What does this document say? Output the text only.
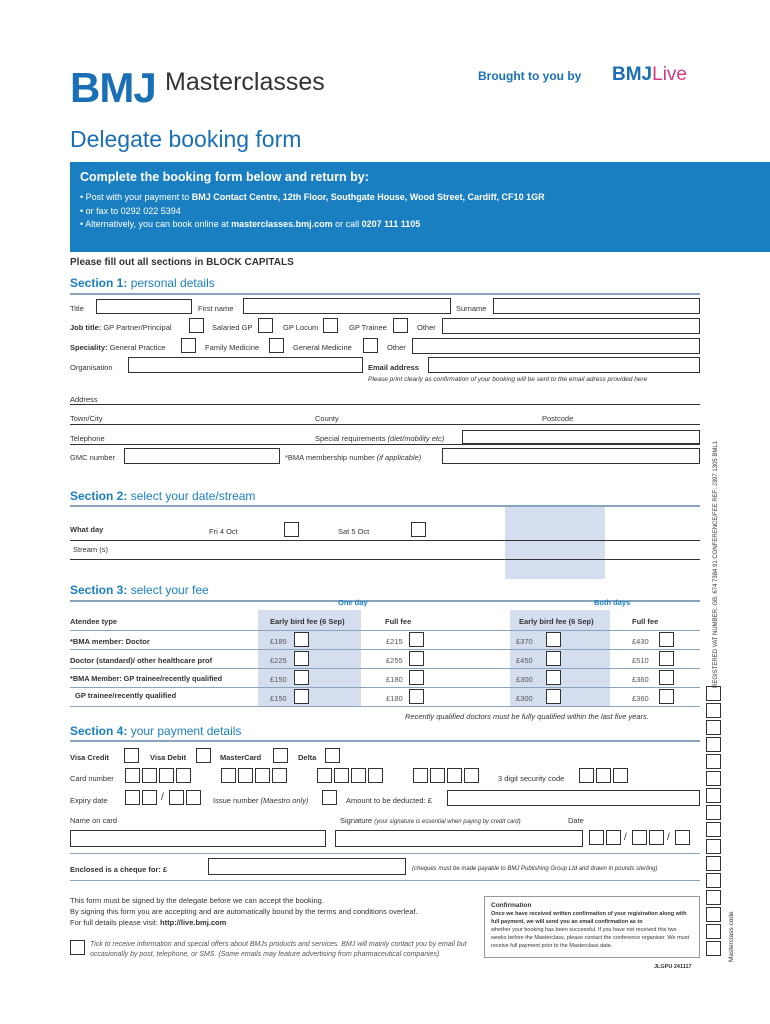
BMJ Masterclasses	Brought to you by BMJLive
Delegate booking form
Complete the booking form below and return by:
• Post with your payment to BMJ Contact Centre, 12th Floor, Southgate House, Wood Street, Cardiff, CF10 1GR
• or fax to 0292 022 5394
• Alternatively, you can book online at masterclasses.bmj.com or call 0207 111 1105
Please fill out all sections in BLOCK CAPITALS
Section 1: personal details
Title	First name	Surname
Job title: GP Partner/Principal	Salaried GP	GP Locum	GP Trainee	Other
Speciality: General Practice	Family Medicine	General Medicine	Other
Organisation	Email address
Please print clearly as confirmation of your booking will be sent to the email adress provided here
Address
Town/City	County	Postcode
Telephone	Special requirements (diet/mobility etc)
GMC number	*BMA membership number (if applicable)
Section 2: select your date/stream
What day	Fri 4 Oct	Sat 5 Oct
Stream (s)
Section 3: select your fee
One day	Both days
Atendee type	Early bird fee (6 Sep)	Full fee	Early bird fee (6 Sep)	Full fee
*BMA member: Doctor	£185	£215	£370	£430
Doctor (standard)/ other healthcare prof	£225	£255	£450	£510
*BMA Member: GP trainee/recently qualified	£150	£180	£300	£360
GP trainee/recently qualified	£150	£180	£300	£360
Recently qualified doctors must be fully qualified within the last five years.
Section 4: your payment details
Visa Credit	Visa Debit	MasterCard	Delta
Card number	3 digit security code
Expiry date	/	Issue number (Maestro only)	Amount to be deducted: £
Name on card	Signature (your signature is essential when paying by credit card)	Date
/	/
Enclosed is a cheque for: £	(cheques must be made payable to BMJ Publishing Group Ltd and drawn in pounds sterling)
This form must be signed by the delegate before we can accept the booking.
By signing this form you are accepting and are automatically bound by the terms and conditions overleaf.
For full details please visit: http://live.bmj.com
Tick to receive information and special offers about BMJs products and services. BMJ will mainly contact you by email but occasionally by post, telephone, or SMS. (Some emails may feature advertising from pharmaceutical companies)
Confirmation
Once we have received written confirmation of your registration along with full payment, we will send you an email confirmation as to
whether your booking has been successful. If you have not received this two weeks before the Masterclass, please contact the conference organiser. We must receive full payment prior to the Masterclass date.
JLGPU 241117
Masterclass code
REGISTERED VAT NUMBER: GB: 674 7384 91 CONFERENCE/FEE REF: J397 1305 BML1
